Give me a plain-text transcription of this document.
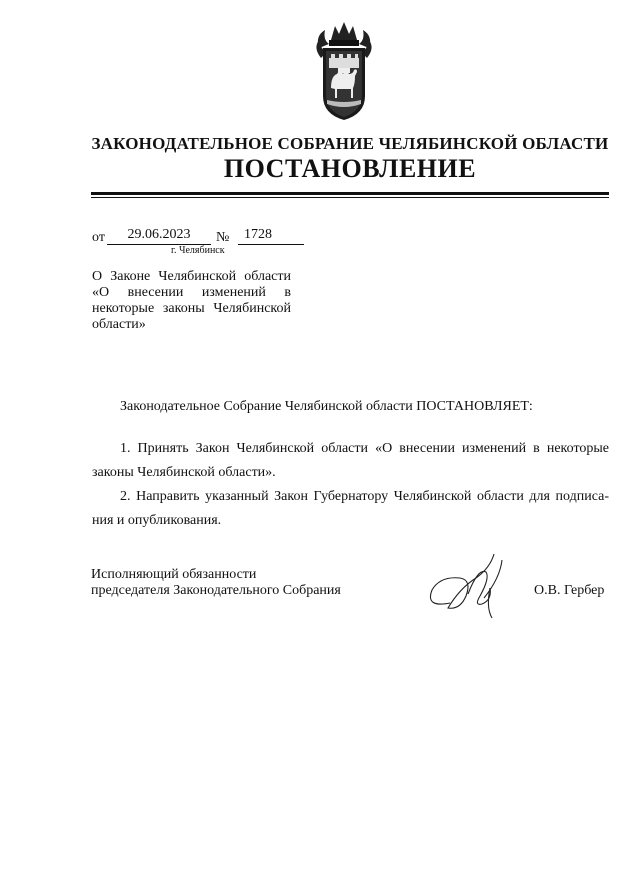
ЗАКОНОДАТЕЛЬНОЕ СОБРАНИЕ ЧЕЛЯБИНСКОЙ ОБЛАСТИ
ПОСТАНОВЛЕНИЕ
от	29.06.2023	№	1728
г. Челябинск
О Законе Челябинской области
«О внесении изменений в
некоторые законы Челябинской
области»
Законодательное Собрание Челябинской области ПОСТАНОВЛЯЕТ:
1. Принять Закон Челябинской области «О внесении изменений в некоторые
законы Челябинской области».
2. Направить указанный Закон Губернатору Челябинской области для подписа-
ния и опубликования.
Исполняющий обязанности
председателя Законодательного Собрания	О.В. Гербер
